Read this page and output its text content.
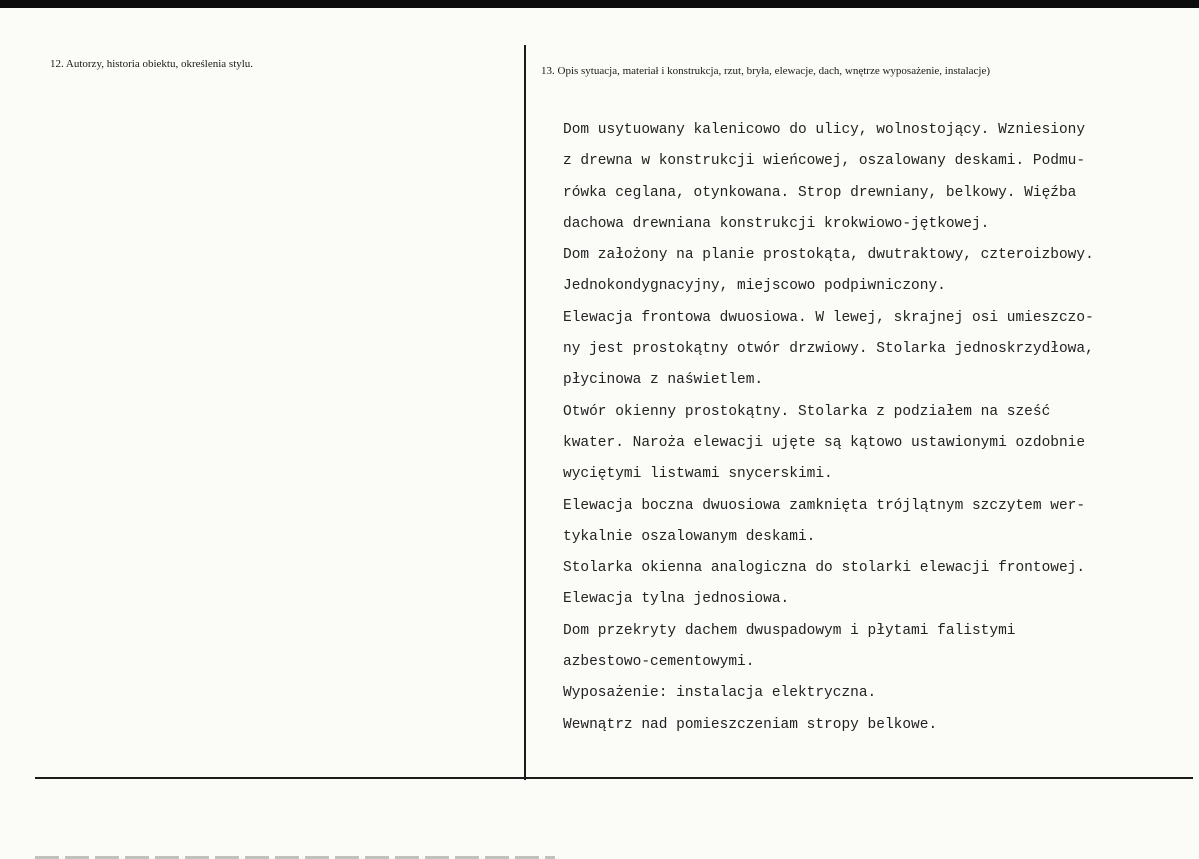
12. Autorzy, historia obiektu, określenia stylu.
13. Opis sytuacja, materiał i konstrukcja, rzut, bryła, elewacje, dach, wnętrze wyposażenie, instalacje)
Dom usytuowany kalenicowo do ulicy, wolnostojący. Wzniesiony
z drewna w konstrukcji wieńcowej, oszalowany deskami. Podmu-
rówka ceglana, otynkowana. Strop drewniany, belkowy. Więźba
dachowa drewniana konstrukcji krokwiowo-jętkowej.
Dom założony na planie prostokąta, dwutraktowy, czteroizbowy.
Jednokondygnacyjny, miejscowo podpiwniczony.
Elewacja frontowa dwuosiowa. W lewej, skrajnej osi umieszczo-
ny jest prostokątny otwór drzwiowy. Stolarka jednoskrzydłowa,
płycinowa z naświetlem.
Otwór okienny prostokątny. Stolarka z podziałem na sześć
kwater. Naroża elewacji ujęte są kątowo ustawionymi ozdobnie
wyciętymi listwami snycerskimi.
Elewacja boczna dwuosiowa zamknięta trójlątnym szczytem wer-
tykalnie oszalowanym deskami.
Stolarka okienna analogiczna do stolarki elewacji frontowej.
Elewacja tylna jednosiowa.
Dom przekryty dachem dwuspadowym i płytami falistymi
azbestowo-cementowymi.
Wyposażenie: instalacja elektryczna.
Wewnątrz nad pomieszczeniam stropy belkowe.
